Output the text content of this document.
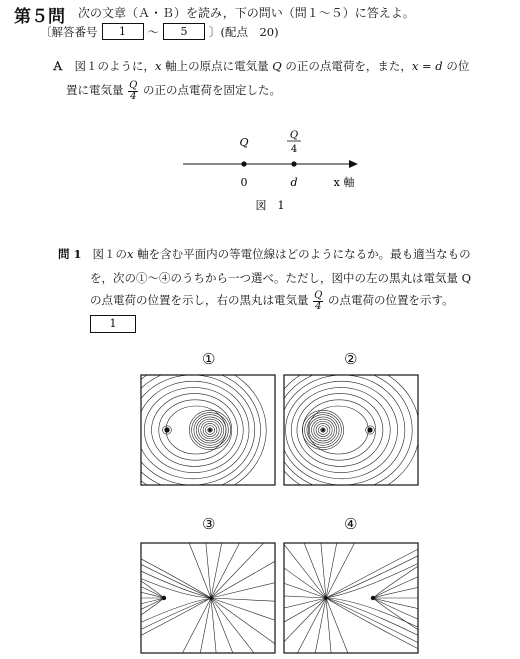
第５問 次の文章（Ａ・Ｂ）を読み，下の問い（問１～５）に答えよ。
〔解答番号	1	～	5	〕(配点　20)
Ａ 図１のように，x 軸上の原点に電気量 Q の正の点電荷を，また，x = d の位
置に電気量 $\frac{Q}{4}$ の正の点電荷を固定した。
Q
Q
4
0	d	x 軸
図　1
問 1 図１のx 軸を含む平面内の等電位線はどのようになるか。最も適当なもの
を，次の①～④のうちから一つ選べ。ただし，図中の左の黒丸は電気量 Q
の点電荷の位置を示し，右の黒丸は電気量 $\frac{Q}{4}$ の点電荷の位置を示す。
1
①	②
③	④
